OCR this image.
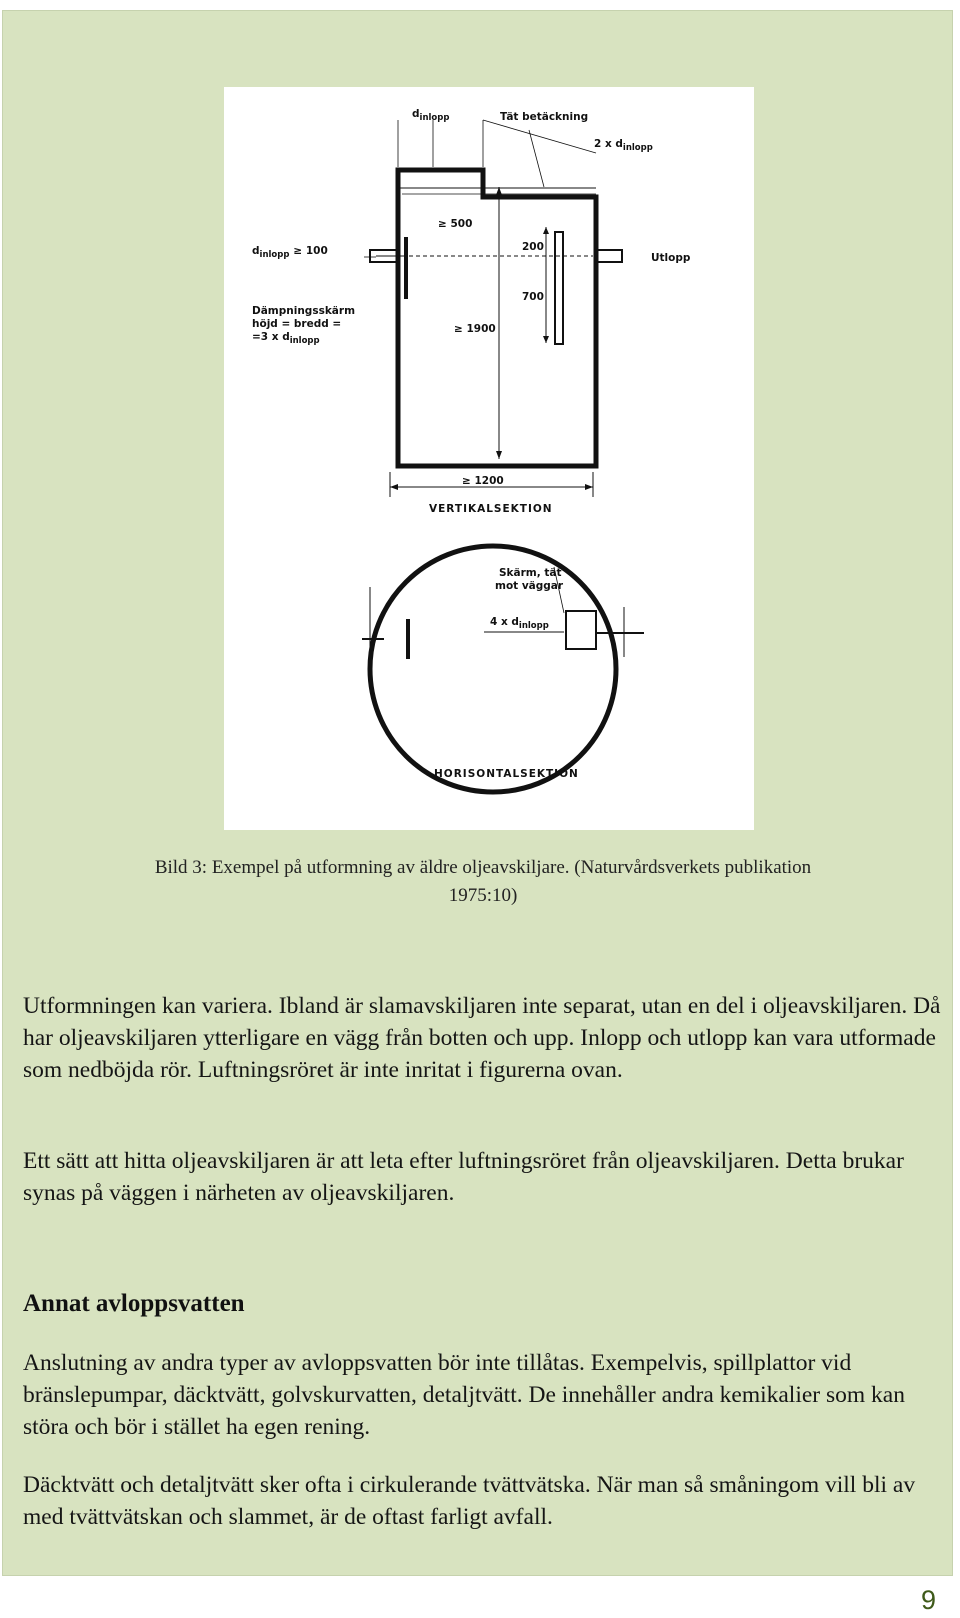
$d_{inlopp}$	Tät betäckning
2 x $d_{inlopp}$
≥ 500
$d_{inlopp} \ge 100$	200
Utlopp
700
Dämpningsskärm
höjd = bredd =
=3 x $d_{inlopp}$
≥ 1900
≥ 1200
VERTIKALSEKTION
Skärm, tät
mot väggar
4 x $d_{inlopp}$
HORISONTALSEKTION
Bild 3: Exempel på utformning av äldre oljeavskiljare. (Naturvårdsverkets publikation
1975:10)

Utformningen kan variera. Ibland är slamavskiljaren inte separat, utan en del i oljeavskiljaren. Då har oljeavskiljaren ytterligare en vägg från botten och upp. Inlopp och utlopp kan vara utformade som nedböjda rör. Luftningsröret är inte inritat i figurerna ovan.

Ett sätt att hitta oljeavskiljaren är att leta efter luftningsröret från oljeavskiljaren. Detta brukar synas på väggen i närheten av oljeavskiljaren.

Annat avloppsvatten

Anslutning av andra typer av avloppsvatten bör inte tillåtas. Exempelvis, spillplattor vid bränslepumpar, däcktvätt, golvskurvatten, detaljtvätt. De innehåller andra kemikalier som kan störa och bör i stället ha egen rening.

Däcktvätt och detaljtvätt sker ofta i cirkulerande tvättvätska. När man så småningom vill bli av med tvättvätskan och slammet, är de oftast farligt avfall.

9
